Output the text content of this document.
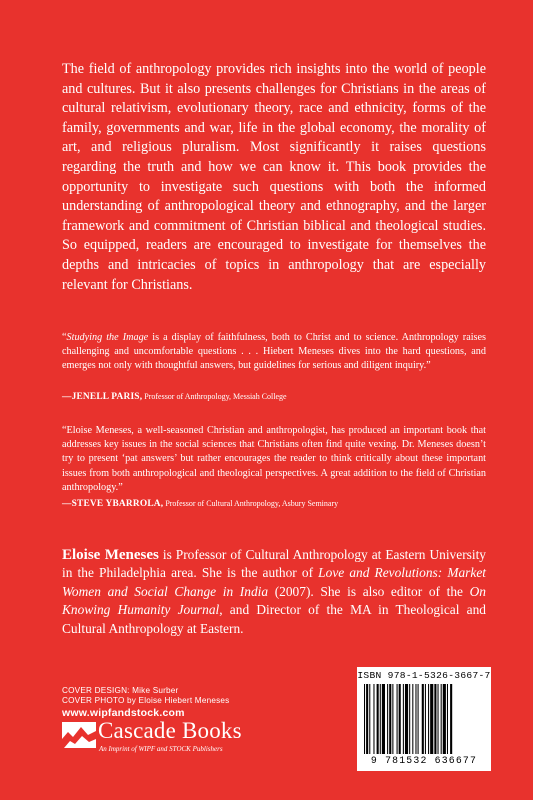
The field of anthropology provides rich insights into the world of people and cultures. But it also presents challenges for Christians in the areas of cultural relativism, evolutionary theory, race and ethnicity, forms of the family, governments and war, life in the global economy, the morality of art, and religious pluralism. Most significantly it raises questions regarding the truth and how we can know it. This book provides the opportunity to investigate such questions with both the informed understanding of anthropological theory and ethnography, and the larger framework and commitment of Christian biblical and theological studies. So equipped, readers are encouraged to investigate for themselves the depths and intricacies of topics in anthropology that are especially relevant for Christians.

“Studying the Image is a display of faithfulness, both to Christ and to science. Anthropology raises challenging and uncomfortable questions . . . Hiebert Meneses dives into the hard questions, and emerges not only with thoughtful answers, but guidelines for serious and diligent inquiry.”

—JENELL PARIS, Professor of Anthropology, Messiah College

“Eloise Meneses, a well-seasoned Christian and anthropologist, has produced an important book that addresses key issues in the social sciences that Christians often find quite vexing. Dr. Meneses doesn’t try to present ‘pat answers’ but rather encourages the reader to think critically about these important issues from both anthropological and theological perspectives. A great addition to the field of Christian anthropology.”

—STEVE YBARROLA, Professor of Cultural Anthropology, Asbury Seminary

Eloise Meneses is Professor of Cultural Anthropology at Eastern University in the Philadelphia area. She is the author of Love and Revolutions: Market Women and Social Change in India (2007). She is also editor of the On Knowing Humanity Journal, and Director of the MA in Theological and Cultural Anthropology at Eastern.

COVER DESIGN: Mike Surber
COVER PHOTO by Eloise Hiebert Meneses
www.wipfandstock.com
Cascade Books
An Imprint of WIPF and STOCK Publishers
ISBN 978-1-5326-3667-7
9 781532 636677
